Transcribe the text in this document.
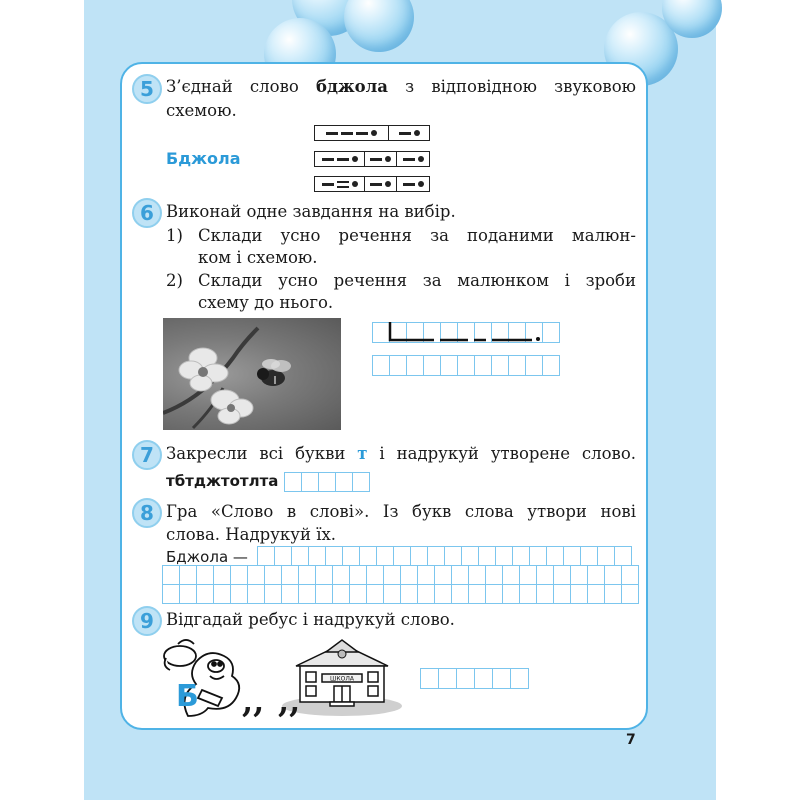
5 З’єднай слово бджола з відповідною звуковою
схемою.
Бджола
6 Виконай одне завдання на вибір.
1) Склади усно речення за поданими малюн-
ком і схемою.
2) Склади усно речення за малюнком і зроби
схему до нього.
7 Закресли всі букви т і надрукуй утворене слово.
тбтджтотлта
8 Гра «Слово в слові». Із букв слова утвори нові
слова. Надрукуй їх.
Бджола —
9 Відгадай ребус і надрукуй слово.
Б ,,
ШКОЛА
,,
7
